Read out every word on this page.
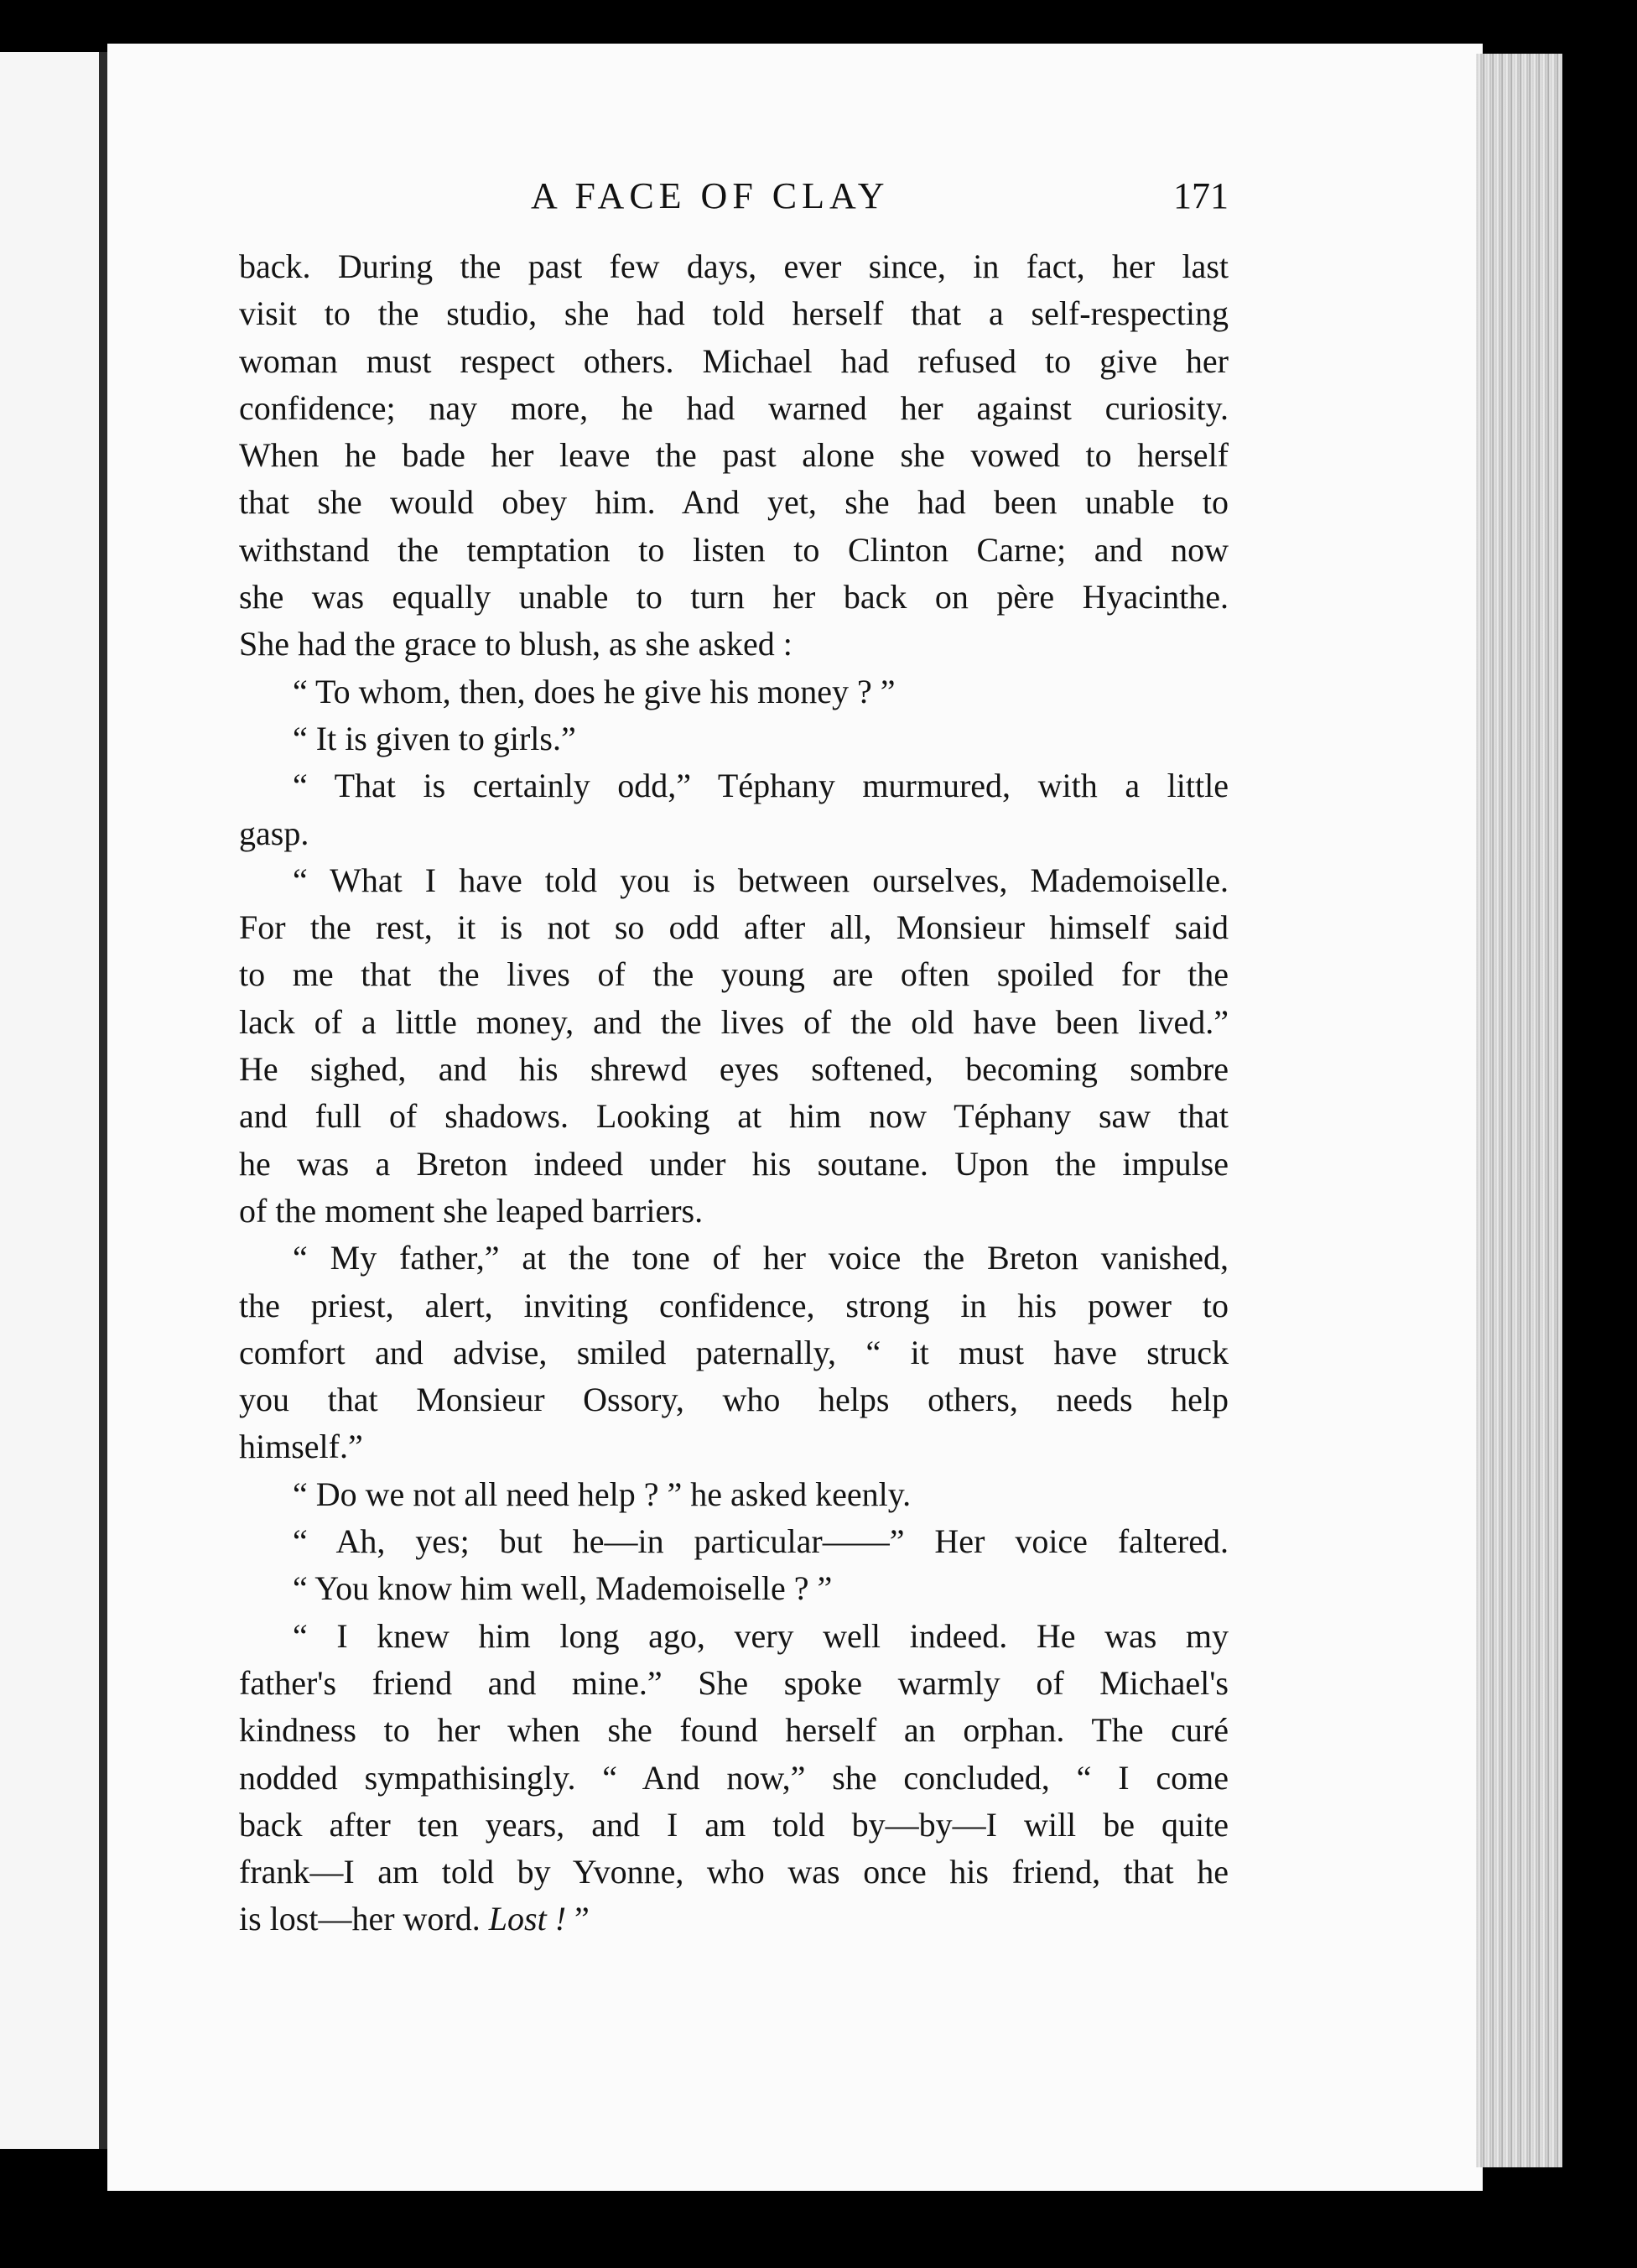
A FACE OF CLAY	171
back. During the past few days, ever since, in fact, her last
visit to the studio, she had told herself that a self-respecting
woman must respect others. Michael had refused to give her
confidence; nay more, he had warned her against curiosity.
When he bade her leave the past alone she vowed to herself
that she would obey him. And yet, she had been unable to
withstand the temptation to listen to Clinton Carne; and now
she was equally unable to turn her back on père Hyacinthe.
She had the grace to blush, as she asked :
“ To whom, then, does he give his money ? ”
“ It is given to girls.”
“ That is certainly odd,” Téphany murmured, with a little
gasp.
“ What I have told you is between ourselves, Mademoiselle.
For the rest, it is not so odd after all, Monsieur himself said
to me that the lives of the young are often spoiled for the
lack of a little money, and the lives of the old have been lived.”
He sighed, and his shrewd eyes softened, becoming sombre
and full of shadows. Looking at him now Téphany saw that
he was a Breton indeed under his soutane. Upon the impulse
of the moment she leaped barriers.
“ My father,” at the tone of her voice the Breton vanished,
the priest, alert, inviting confidence, strong in his power to
comfort and advise, smiled paternally, “ it must have struck
you that Monsieur Ossory, who helps others, needs help
himself.”
“ Do we not all need help ? ” he asked keenly.
“ Ah, yes; but he—in particular——” Her voice faltered.
“ You know him well, Mademoiselle ? ”
“ I knew him long ago, very well indeed. He was my
father's friend and mine.” She spoke warmly of Michael's
kindness to her when she found herself an orphan. The curé
nodded sympathisingly. “ And now,” she concluded, “ I come
back after ten years, and I am told by—by—I will be quite
frank—I am told by Yvonne, who was once his friend, that he
is lost—her word. Lost ! ”
